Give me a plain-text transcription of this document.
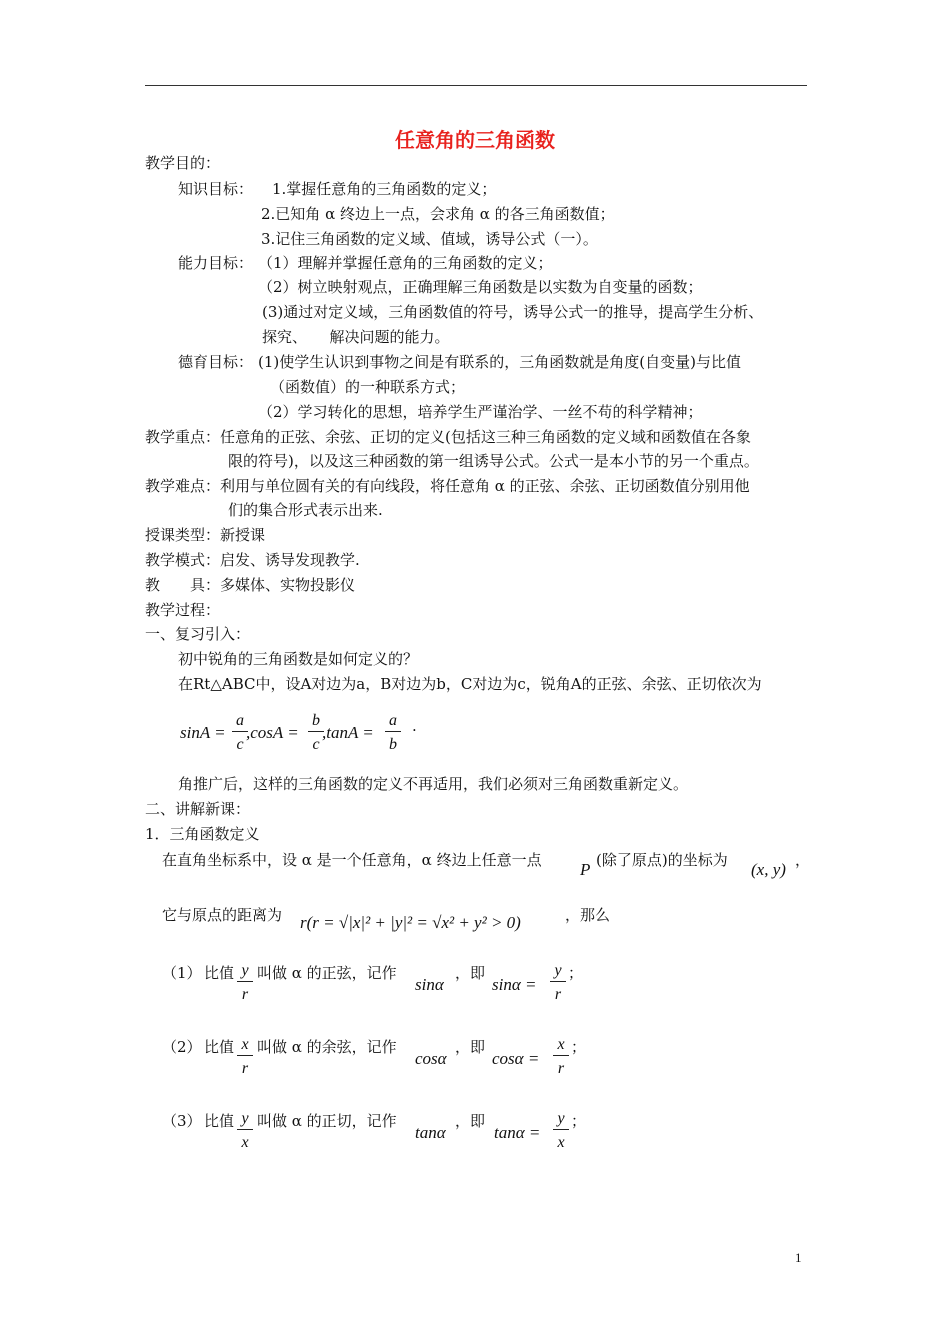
任意角的三角函数
教学目的：
知识目标： 1.掌握任意角的三角函数的定义；
2.已知角 α 终边上一点，会求角 α 的各三角函数值；
3.记住三角函数的定义域、值域，诱导公式（一）。
能力目标： （1）理解并掌握任意角的三角函数的定义；
（2）树立映射观点，正确理解三角函数是以实数为自变量的函数；
(3)通过对定义域，三角函数值的符号，诱导公式一的推导，提高学生分析、
探究、　　解决问题的能力。
德育目标： (1)使学生认识到事物之间是有联系的，三角函数就是角度(自变量)与比值
（函数值）的一种联系方式；
（2）学习转化的思想，培养学生严谨治学、一丝不苟的科学精神；
教学重点：任意角的正弦、余弦、正切的定义(包括这三种三角函数的定义域和函数值在各象
限的符号)，以及这三种函数的第一组诱导公式。公式一是本小节的另一个重点。
教学难点：利用与单位圆有关的有向线段，将任意角 α 的正弦、余弦、正切函数值分别用他
们的集合形式表示出来.
授课类型：新授课
教学模式：启发、诱导发现教学.
教　　具：多媒体、实物投影仪
教学过程：
一、复习引入：
初中锐角的三角函数是如何定义的？
在Rt△ABC中，设A对边为a，B对边为b，C对边为c，锐角A的正弦、余弦、正切依次为
$\sin A = \frac{a}{c}$
$,\cos A = \frac{b}{c}$
$,\tan A = \frac{a}{b}$ .
角推广后，这样的三角函数的定义不再适用，我们必须对三角函数重新定义。
二、讲解新课：
1．三角函数定义
在直角坐标系中，设 α 是一个任意角，α 终边上任意一点 P (除了原点)的坐标为 (x, y) ，
它与原点的距离为 r(r = √|x|² + |y|² = √x² + y² > 0)	，那么
（1） 比值 $\frac{y}{r}$ 叫做 α 的正弦，记作
sinα
，即
$\sin\alpha = \frac{y}{r}$ ；
（2） 比值 $\frac{x}{r}$ 叫做 α 的余弦，记作
cosα
，即
$\cos\alpha = \frac{x}{r}$ ；
（3） 比值 $\frac{y}{x}$ 叫做 α 的正切，记作
tanα
，即
$\tan\alpha = \frac{y}{x}$ ；
1
